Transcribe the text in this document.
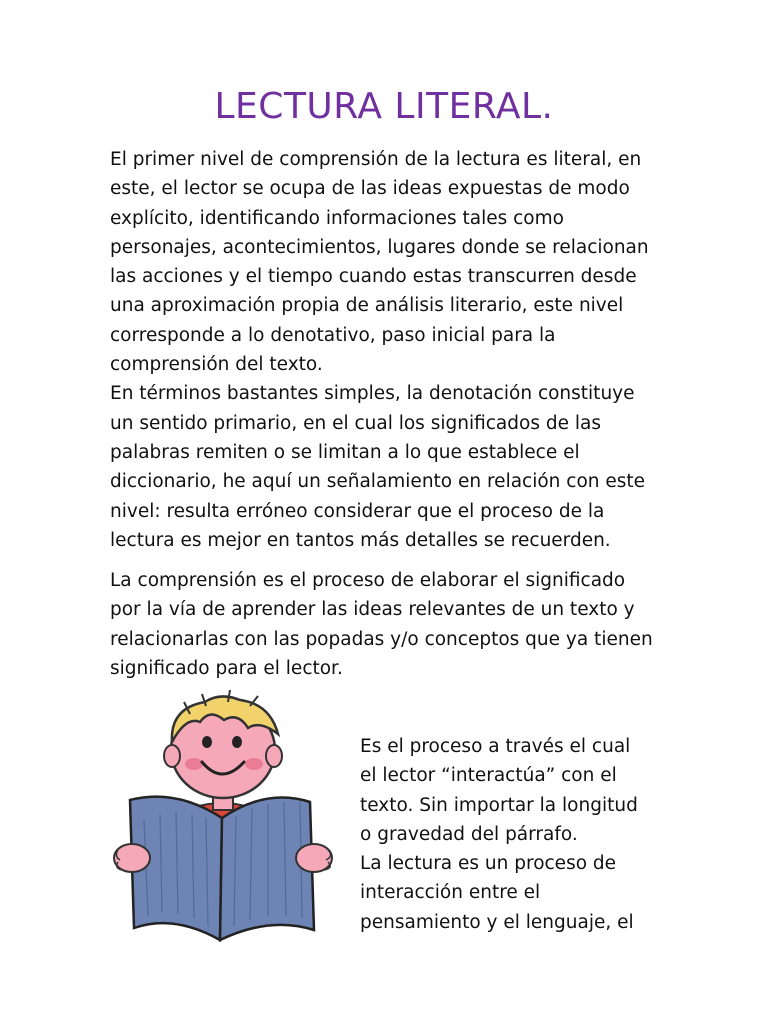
LECTURA LITERAL.
El primer nivel de comprensión de la lectura es literal, en
este, el lector se ocupa de las ideas expuestas de modo
explícito, identificando informaciones tales como
personajes, acontecimientos, lugares donde se relacionan
las acciones y el tiempo cuando estas transcurren desde
una aproximación propia de análisis literario, este nivel
corresponde a lo denotativo, paso inicial para la
comprensión del texto.
En términos bastantes simples, la denotación constituye
un sentido primario, en el cual los significados de las
palabras remiten o se limitan a lo que establece el
diccionario, he aquí un señalamiento en relación con este
nivel: resulta erróneo considerar que el proceso de la
lectura es mejor en tantos más detalles se recuerden.
La comprensión es el proceso de elaborar el significado
por la vía de aprender las ideas relevantes de un texto y
relacionarlas con las popadas y/o conceptos que ya tienen
significado para el lector.
Es el proceso a través el cual
el lector “interactúa” con el
texto. Sin importar la longitud
o gravedad del párrafo.
La lectura es un proceso de
interacción entre el
pensamiento y el lenguaje, el
